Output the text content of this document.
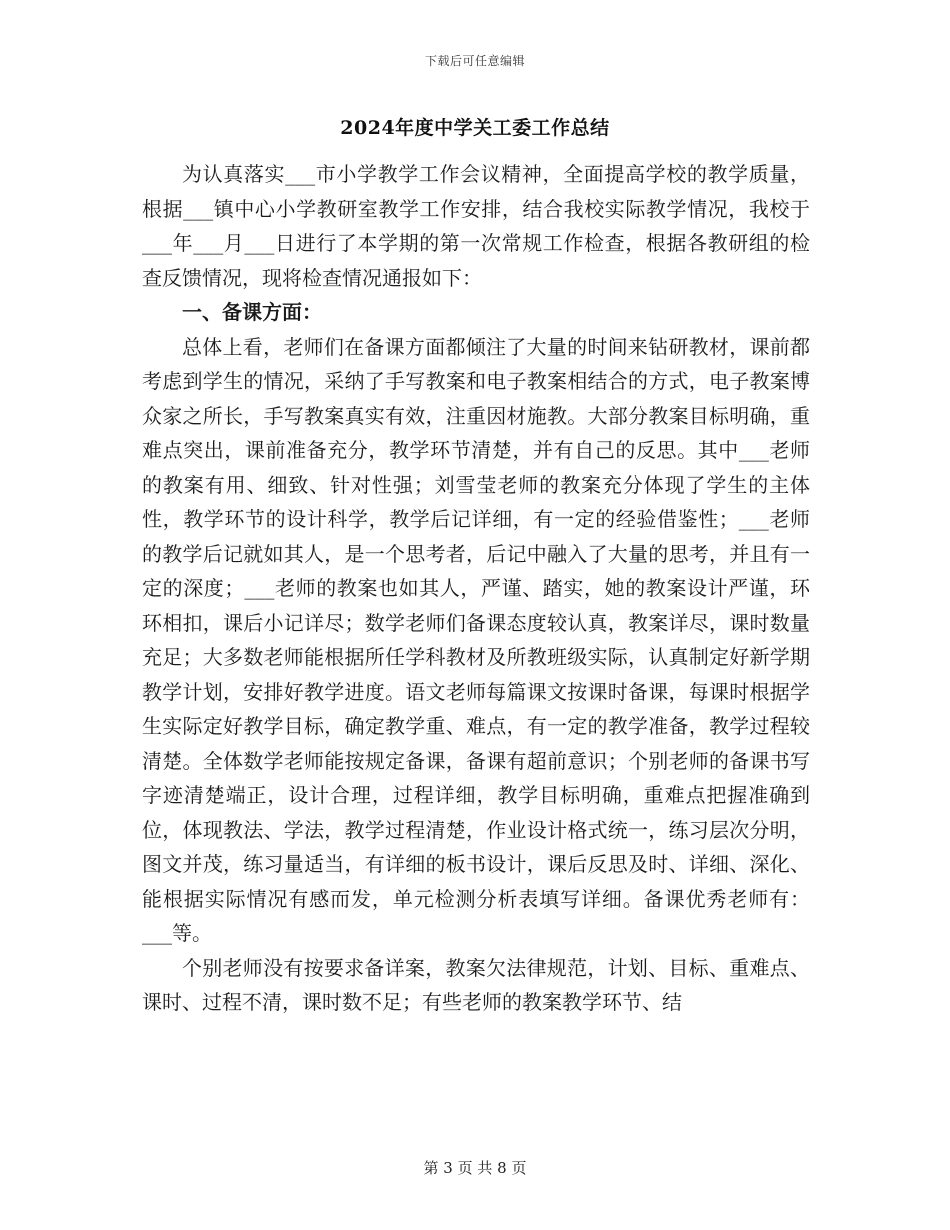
下载后可任意编辑
2024年度中学关工委工作总结

为认真落实___市小学教学工作会议精神，全面提高学校的教学质量，根据___镇中心小学教研室教学工作安排，结合我校实际教学情况，我校于___年___月___日进行了本学期的第一次常规工作检查，根据各教研组的检查反馈情况，现将检查情况通报如下：

一、备课方面：

总体上看，老师们在备课方面都倾注了大量的时间来钻研教材，课前都考虑到学生的情况，采纳了手写教案和电子教案相结合的方式，电子教案博众家之所长，手写教案真实有效，注重因材施教。大部分教案目标明确，重难点突出，课前准备充分，教学环节清楚，并有自己的反思。其中___老师的教案有用、细致、针对性强；刘雪莹老师的教案充分体现了学生的主体性，教学环节的设计科学，教学后记详细，有一定的经验借鉴性；___老师的教学后记就如其人，是一个思考者，后记中融入了大量的思考，并且有一定的深度；___老师的教案也如其人，严谨、踏实，她的教案设计严谨，环环相扣，课后小记详尽；数学老师们备课态度较认真，教案详尽，课时数量充足；大多数老师能根据所任学科教材及所教班级实际，认真制定好新学期教学计划，安排好教学进度。语文老师每篇课文按课时备课，每课时根据学生实际定好教学目标，确定教学重、难点，有一定的教学准备，教学过程较清楚。全体数学老师能按规定备课，备课有超前意识；个别老师的备课书写字迹清楚端正，设计合理，过程详细，教学目标明确，重难点把握准确到位，体现教法、学法，教学过程清楚，作业设计格式统一，练习层次分明，图文并茂，练习量适当，有详细的板书设计，课后反思及时、详细、深化、能根据实际情况有感而发，单元检测分析表填写详细。备课优秀老师有：___等。

个别老师没有按要求备详案，教案欠法律规范，计划、目标、重难点、课时、过程不清，课时数不足；有些老师的教案教学环节、结

第 3 页 共 8 页
